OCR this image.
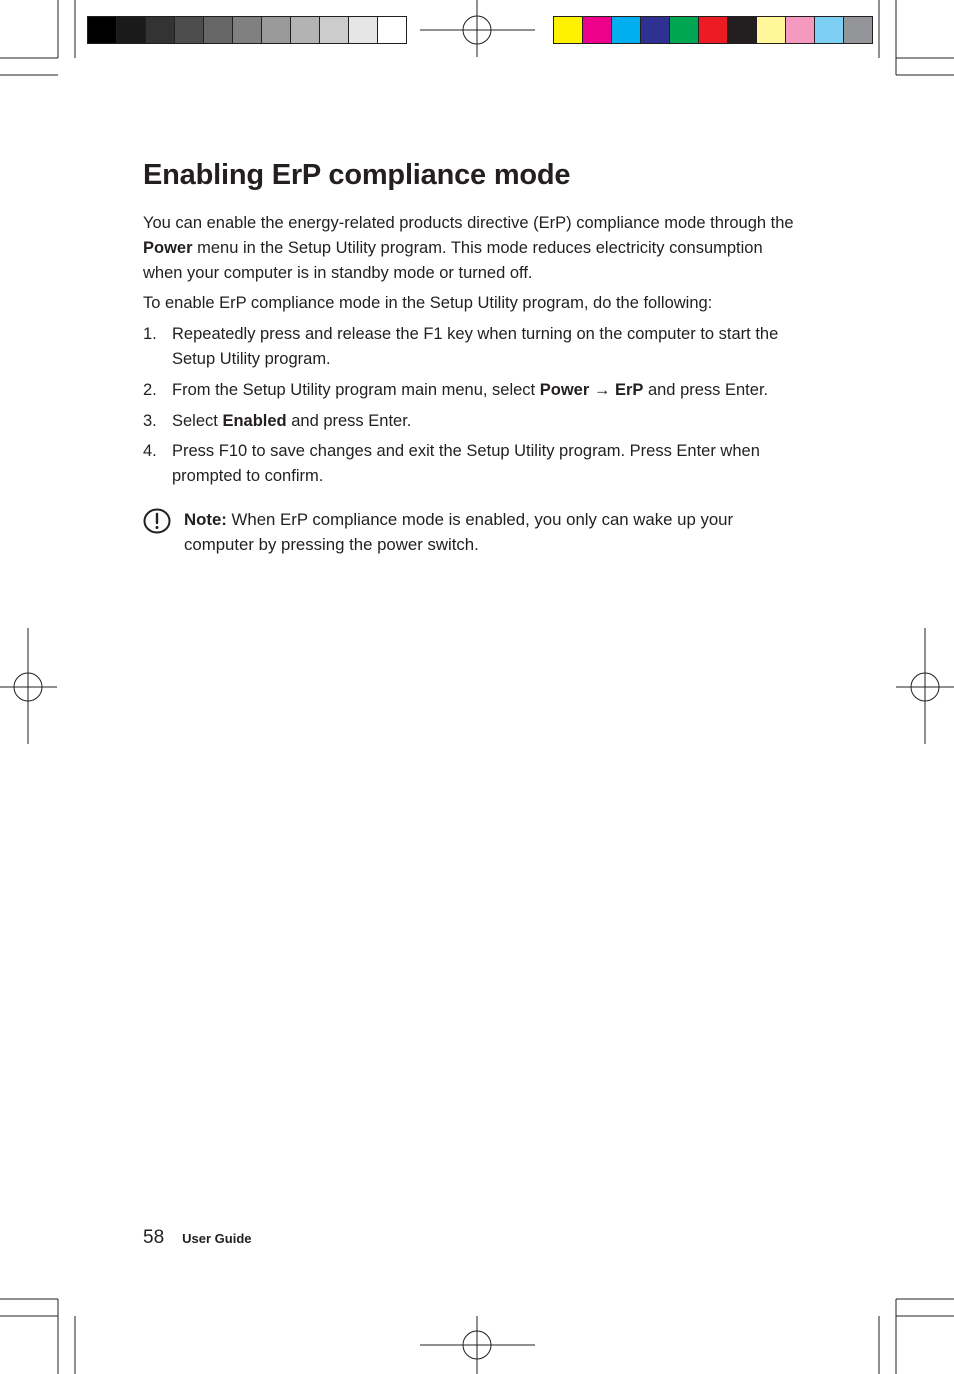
Enabling ErP compliance mode

You can enable the energy-related products directive (ErP) compliance mode through the Power menu in the Setup Utility program. This mode reduces electricity consumption when your computer is in standby mode or turned off.

To enable ErP compliance mode in the Setup Utility program, do the following:

1. Repeatedly press and release the F1 key when turning on the computer to start the Setup Utility program.
2. From the Setup Utility program main menu, select Power → ErP and press Enter.
3. Select Enabled and press Enter.
4. Press F10 to save changes and exit the Setup Utility program. Press Enter when prompted to confirm.
Note: When ErP compliance mode is enabled, you only can wake up your computer by pressing the power switch.
58 User Guide
